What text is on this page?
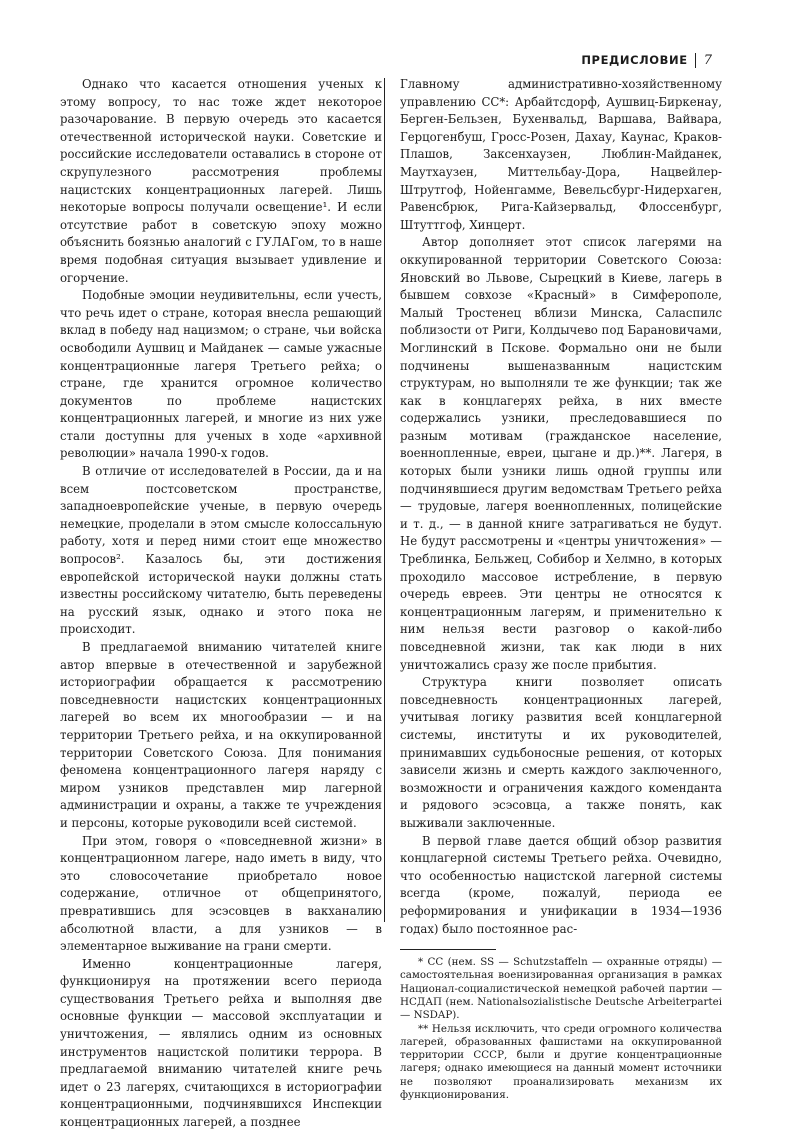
ПРЕДИСЛОВИЕ 7

Однако что касается отношения ученых к этому вопросу, то нас тоже ждет некоторое разочарование. В первую очередь это касается отечественной исторической науки. Советские и российские исследователи оставались в стороне от скрупулезного рассмотрения проблемы нацистских концентрационных лагерей. Лишь некоторые вопросы получали освещение¹. И если отсутствие работ в советскую эпоху можно объяснить боязнью аналогий с ГУЛАГом, то в наше время подобная ситуация вызывает удивление и огорчение.

Подобные эмоции неудивительны, если учесть, что речь идет о стране, которая внесла решающий вклад в победу над нацизмом; о стране, чьи войска освободили Аушвиц и Майданек — самые ужасные концентрационные лагеря Третьего рейха; о стране, где хранится огромное количество документов по проблеме нацистских концентрационных лагерей, и многие из них уже стали доступны для ученых в ходе «архивной революции» начала 1990-х годов.

В отличие от исследователей в России, да и на всем постсоветском пространстве, западноевропейские ученые, в первую очередь немецкие, проделали в этом смысле колоссальную работу, хотя и перед ними стоит еще множество вопросов². Казалось бы, эти достижения европейской исторической науки должны стать известны российскому читателю, быть переведены на русский язык, однако и этого пока не происходит.

В предлагаемой вниманию читателей книге автор впервые в отечественной и зарубежной историографии обращается к рассмотрению повседневности нацистских концентрационных лагерей во всем их многообразии — и на территории Третьего рейха, и на оккупированной территории Советского Союза. Для понимания феномена концентрационного лагеря наряду с миром узников представлен мир лагерной администрации и охраны, а также те учреждения и персоны, которые руководили всей системой.

При этом, говоря о «повседневной жизни» в концентрационном лагере, надо иметь в виду, что это словосочетание приобретало новое содержание, отличное от общепринятого, превратившись для эсэсовцев в вакханалию абсолютной власти, а для узников — в элементарное выживание на грани смерти.

Именно концентрационные лагеря, функционируя на протяжении всего периода существования Третьего рейха и выполняя две основные функции — массовой эксплуатации и уничтожения, — являлись одним из основных инструментов нацистской политики террора. В предлагаемой вниманию читателей книге речь идет о 23 лагерях, считающихся в историографии концентрационными, подчинявшихся Инспекции концентрационных лагерей, а позднее

Главному административно-хозяйственному управлению СС*: Арбайтсдорф, Аушвиц-Биркенау, Берген-Бельзен, Бухенвальд, Варшава, Вайвара, Герцогенбуш, Гросс-Розен, Дахау, Каунас, Краков-Плашов, Заксенхаузен, Люблин-Майданек, Маутхаузен, Миттельбау-Дора, Нацвейлер-Штрутгоф, Нойенгамме, Вевельсбург-Нидерхаген, Равенсбрюк, Рига-Кайзервальд, Флоссенбург, Штуттгоф, Хинцерт.

Автор дополняет этот список лагерями на оккупированной территории Советского Союза: Яновский во Львове, Сырецкий в Киеве, лагерь в бывшем совхозе «Красный» в Симферополе, Малый Тростенец вблизи Минска, Саласпилс поблизости от Риги, Колдычево под Барановичами, Моглинский в Пскове. Формально они не были подчинены вышеназванным нацистским структурам, но выполняли те же функции; так же как в концлагерях рейха, в них вместе содержались узники, преследовавшиеся по разным мотивам (гражданское население, военнопленные, евреи, цыгане и др.)**. Лагеря, в которых были узники лишь одной группы или подчинявшиеся другим ведомствам Третьего рейха — трудовые, лагеря военнопленных, полицейские и т. д., — в данной книге затрагиваться не будут. Не будут рассмотрены и «центры уничтожения» — Треблинка, Бельжец, Собибор и Хелмно, в которых проходило массовое истребление, в первую очередь евреев. Эти центры не относятся к концентрационным лагерям, и применительно к ним нельзя вести разговор о какой-либо повседневной жизни, так как люди в них уничтожались сразу же после прибытия.

Структура книги позволяет описать повседневность концентрационных лагерей, учитывая логику развития всей концлагерной системы, институты и их руководителей, принимавших судьбоносные решения, от которых зависели жизнь и смерть каждого заключенного, возможности и ограничения каждого коменданта и рядового эсэсовца, а также понять, как выживали заключенные.

В первой главе дается общий обзор развития концлагерной системы Третьего рейха. Очевидно, что особенностью нацистской лагерной системы всегда (кроме, пожалуй, периода ее реформирования и унификации в 1934—1936 годах) было постоянное рас-

* СС (нем. SS — Schutzstaffeln — охранные отряды) — самостоятельная военизированная организация в рамках Национал-социалистической немецкой рабочей партии — НСДАП (нем. Nationalsozialistische Deutsche Arbeiterpartei — NSDAP).

** Нельзя исключить, что среди огромного количества лагерей, образованных фашистами на оккупированной территории СССР, были и другие концентрационные лагеря; однако имеющиеся на данный момент источники не позволяют проанализировать механизм их функционирования.
